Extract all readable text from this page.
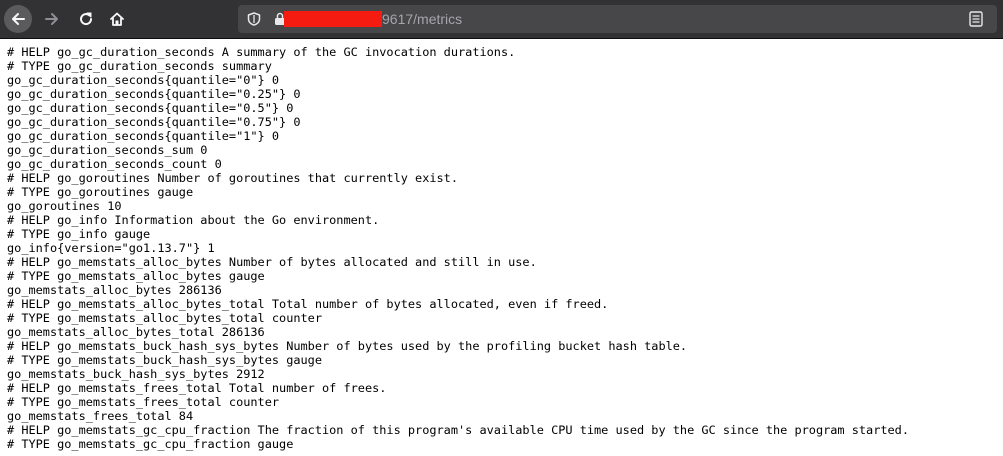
9617/metrics
# HELP go_gc_duration_seconds A summary of the GC invocation durations.
# TYPE go_gc_duration_seconds summary
go_gc_duration_seconds{quantile="0"} 0
go_gc_duration_seconds{quantile="0.25"} 0
go_gc_duration_seconds{quantile="0.5"} 0
go_gc_duration_seconds{quantile="0.75"} 0
go_gc_duration_seconds{quantile="1"} 0
go_gc_duration_seconds_sum 0
go_gc_duration_seconds_count 0
# HELP go_goroutines Number of goroutines that currently exist.
# TYPE go_goroutines gauge
go_goroutines 10
# HELP go_info Information about the Go environment.
# TYPE go_info gauge
go_info{version="go1.13.7"} 1
# HELP go_memstats_alloc_bytes Number of bytes allocated and still in use.
# TYPE go_memstats_alloc_bytes gauge
go_memstats_alloc_bytes 286136
# HELP go_memstats_alloc_bytes_total Total number of bytes allocated, even if freed.
# TYPE go_memstats_alloc_bytes_total counter
go_memstats_alloc_bytes_total 286136
# HELP go_memstats_buck_hash_sys_bytes Number of bytes used by the profiling bucket hash table.
# TYPE go_memstats_buck_hash_sys_bytes gauge
go_memstats_buck_hash_sys_bytes 2912
# HELP go_memstats_frees_total Total number of frees.
# TYPE go_memstats_frees_total counter
go_memstats_frees_total 84
# HELP go_memstats_gc_cpu_fraction The fraction of this program's available CPU time used by the GC since the program started.
# TYPE go_memstats_gc_cpu_fraction gauge
